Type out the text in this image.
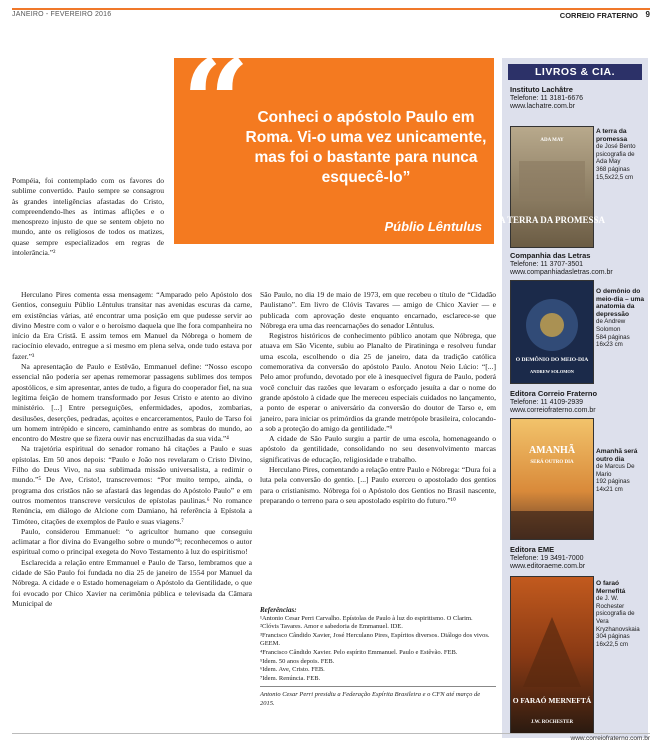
JANEIRO - FEVEREIRO 2016	CORREIO FRATERNO 9
“ Conheci o apóstolo Paulo em Roma. Vi-o uma vez unicamente, mas foi o bastante para nunca esquecê-lo”
Públio Lêntulus

Pompéia, foi contemplado com os favores do sublime convertido. Paulo sempre se consagrou às grandes inteligências afastadas do Cristo, compreendendo-lhes as íntimas aflições e o menosprezo injusto de que se sentem objeto no mundo, ante os religiosos de todos os matizes, quase sempre especializados em regras de intolerância.”²

Herculano Pires comenta essa mensagem: “Amparado pelo Apóstolo dos Gentios, conseguiu Públio Lêntulus transitar nas avenidas escuras da carne, em existências várias, até encontrar uma posição em que pudesse servir ao divino Mestre com o valor e o heroísmo daquela que lhe fora companheira no início da Era Cristã. E assim temos em Manuel da Nóbrega o homem de raciocínio elevado, entregue a si mesmo em plena selva, onde tudo estava por fazer.”³

Na apresentação de Paulo e Estêvão, Emmanuel define: “Nosso escopo essencial não poderia ser apenas rememorar passagens sublimes dos tempos apostólicos, e sim apresentar, antes de tudo, a figura do cooperador fiel, na sua legítima feição de homem transformado por Jesus Cristo e atento ao divino ministério. [...] Entre perseguições, enfermidades, apodos, zombarias, desilusões, deserções, pedradas, açoites e encarceramentos, Paulo de Tarso foi um homem intrépido e sincero, caminhando entre as sombras do mundo, ao encontro do Mestre que se fizera ouvir nas encruzilhadas da sua vida.”⁴

Na trajetória espiritual do senador romano há citações a Paulo e suas epístolas. Em 50 anos depois: “Paulo e João nos revelaram o Cristo Divino, Filho do Deus Vivo, na sua sublimada missão universalista, a redimir o mundo.”⁵ De Ave, Cristo!, transcrevemos: “Por muito tempo, ainda, o programa dos cristãos não se afastará das legendas do Apóstolo Paulo” e em outros momentos transcreve versículos de epístolas paulinas.⁶ No romance Renúncia, em diálogo de Alcione com Damiano, há referência à Epístola a Timóteo, citações de exemplos de Paulo e suas viagens.⁷

Paulo, considerou Emmanuel: “o agricultor humano que conseguiu aclimatar a flor divina do Evangelho sobre o mundo”⁸; reconhecemos o autor espiritual como o principal exegeta do Novo Testamento à luz do espiritismo!

Esclarecida a relação entre Emmanuel e Paulo de Tarso, lembramos que a cidade de São Paulo foi fundada no dia 25 de janeiro de 1554 por Manuel da Nóbrega. A cidade e o Estado homenageiam o Apóstolo da Gentilidade, o que foi evocado por Chico Xavier na cerimônia pública e televisada da Câmara Municipal de

São Paulo, no dia 19 de maio de 1973, em que recebeu o título de “Cidadão Paulistano”. Em livro de Clóvis Tavares — amigo de Chico Xavier — e publicada com aprovação deste enquanto encarnado, esclarece-se que Nóbrega era uma das reencarnações do senador Lêntulus.

Registros históricos de conhecimento público anotam que Nóbrega, que atuava em São Vicente, subiu ao Planalto de Piratininga e resolveu fundar uma escola, escolhendo o dia 25 de janeiro, data da tradição católica comemorativa da conversão do apóstolo Paulo. Anotou Neio Lúcio: “[...] Pelo amor profundo, devotado por ele à inesquecível figura de Paulo, poderá você concluir das razões que levaram o esforçado jesuíta a dar o nome do grande apóstolo à cidade que lhe mereceu especiais cuidados no lançamento, a ponto de esperar o aniversário da conversão do doutor de Tarso e, em janeiro, para iniciar os primórdios da grande metrópole brasileira, colocando-a sob a proteção do amigo da gentilidade.”⁹

A cidade de São Paulo surgiu a partir de uma escola, homenageando o apóstolo da gentilidade, consolidando no seu desenvolvimento marcas significativas de educação, religiosidade e trabalho.

Herculano Pires, comentando a relação entre Paulo e Nóbrega: “Dura foi a luta pela conversão do gentio. [...] Paulo exerceu o apostolado dos gentios para o cristianismo. Nóbrega foi o Apóstolo dos Gentios no Brasil nascente, preparando o terreno para o seu apostolado espírito do futuro.”¹⁰

Referências:
¹Antonio Cesar Perri Carvalho. Epístolas de Paulo à luz do espiritismo. O Clarim.
²Clóvis Tavares. Amor e sabedoria de Emmanuel. IDE.
³Francisco Cândido Xavier, José Herculano Pires, Espíritos diversos. Diálogo dos vivos. GEEM.
⁴Francisco Cândido Xavier. Pelo espírito Emmanuel. Paulo e Estêvão. FEB.
⁵Idem. 50 anos depois. FEB.
⁶Idem. Ave, Cristo. FEB.
⁷Idem. Renúncia. FEB.
Antonio Cesar Perri presidiu a Federação Espírita Brasileira e o CFN até março de 2015.
LIVROS & CIA.
Instituto Lachâtre
Telefone: 11 3181-6676
www.lachatre.com.br
ADA MAY
A TERRA DA PROMESSA
A terra da promessa
de José Bento psicografia de Ada May
368 páginas
15,5x22,5 cm
Companhia das Letras
Telefone: 11 3707-3501
www.companhiadasletras.com.br
O DEMÔNIO DO MEIO-DIA
ANDREW SOLOMON
O demônio do meio-dia – uma anatomia da depressão
de Andrew Solomon
584 páginas
16x23 cm
Editora Correio Fraterno
Telefone: 11 4109-2939
www.correiofraterno.com.br
AMANHÃ
SERÁ OUTRO DIA
Amanhã será outro dia
de Marcus De Mario
192 páginas
14x21 cm
Editora EME
Telefone: 19 3491-7000
www.editoraeme.com.br
O FARAÓ MERNEFTÁ
J.W. ROCHESTER
O faraó Mernefitá
de J. W. Rochester psicografia de Vera Kryzhanovskaia
304 páginas
16x22,5 cm
www.correiofraterno.com.br
